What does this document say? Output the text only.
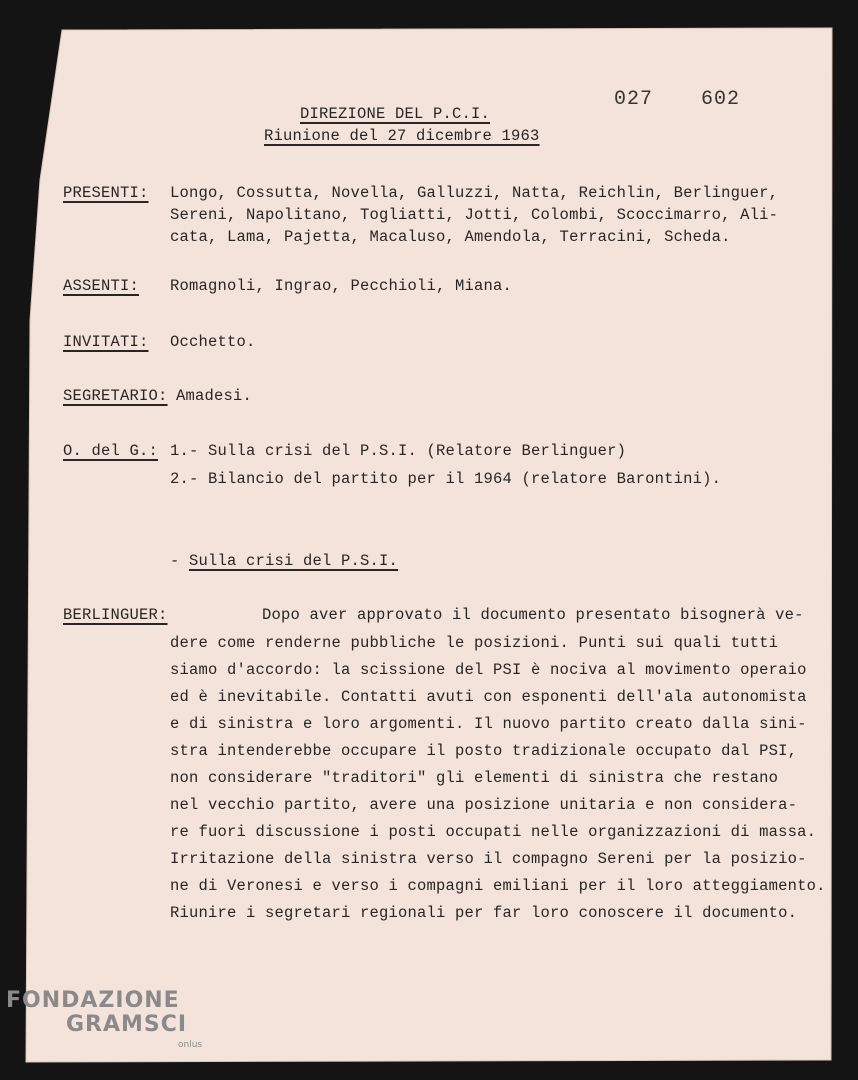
027 602
DIREZIONE DEL P.C.I.
Riunione del 27 dicembre 1963
PRESENTI: Longo, Cossutta, Novella, Galluzzi, Natta, Reichlin, Berlinguer,
Sereni, Napolitano, Togliatti, Jotti, Colombi, Scoccimarro, Ali-
cata, Lama, Pajetta, Macaluso, Amendola, Terracini, Scheda.
ASSENTI: Romagnoli, Ingrao, Pecchioli, Miana.
INVITATI: Occhetto.
SEGRETARIO: Amadesi.
O. del G.: 1.- Sulla crisi del P.S.I. (Relatore Berlinguer)
2.- Bilancio del partito per il 1964 (relatore Barontini).
- Sulla crisi del P.S.I.
BERLINGUER:	Dopo aver approvato il documento presentato bisognerà ve-
dere come renderne pubbliche le posizioni. Punti sui quali tutti
siamo d'accordo: la scissione del PSI è nociva al movimento operaio
ed è inevitabile. Contatti avuti con esponenti dell'ala autonomista
e di sinistra e loro argomenti. Il nuovo partito creato dalla sini-
stra intenderebbe occupare il posto tradizionale occupato dal PSI,
non considerare "traditori" gli elementi di sinistra che restano
nel vecchio partito, avere una posizione unitaria e non considera-
re fuori discussione i posti occupati nelle organizzazioni di massa.
Irritazione della sinistra verso il compagno Sereni per la posizio-
ne di Veronesi e verso i compagni emiliani per il loro atteggiamento.
Riunire i segretari regionali per far loro conoscere il documento.
FONDAZIONE
GRAMSCI
onlus
